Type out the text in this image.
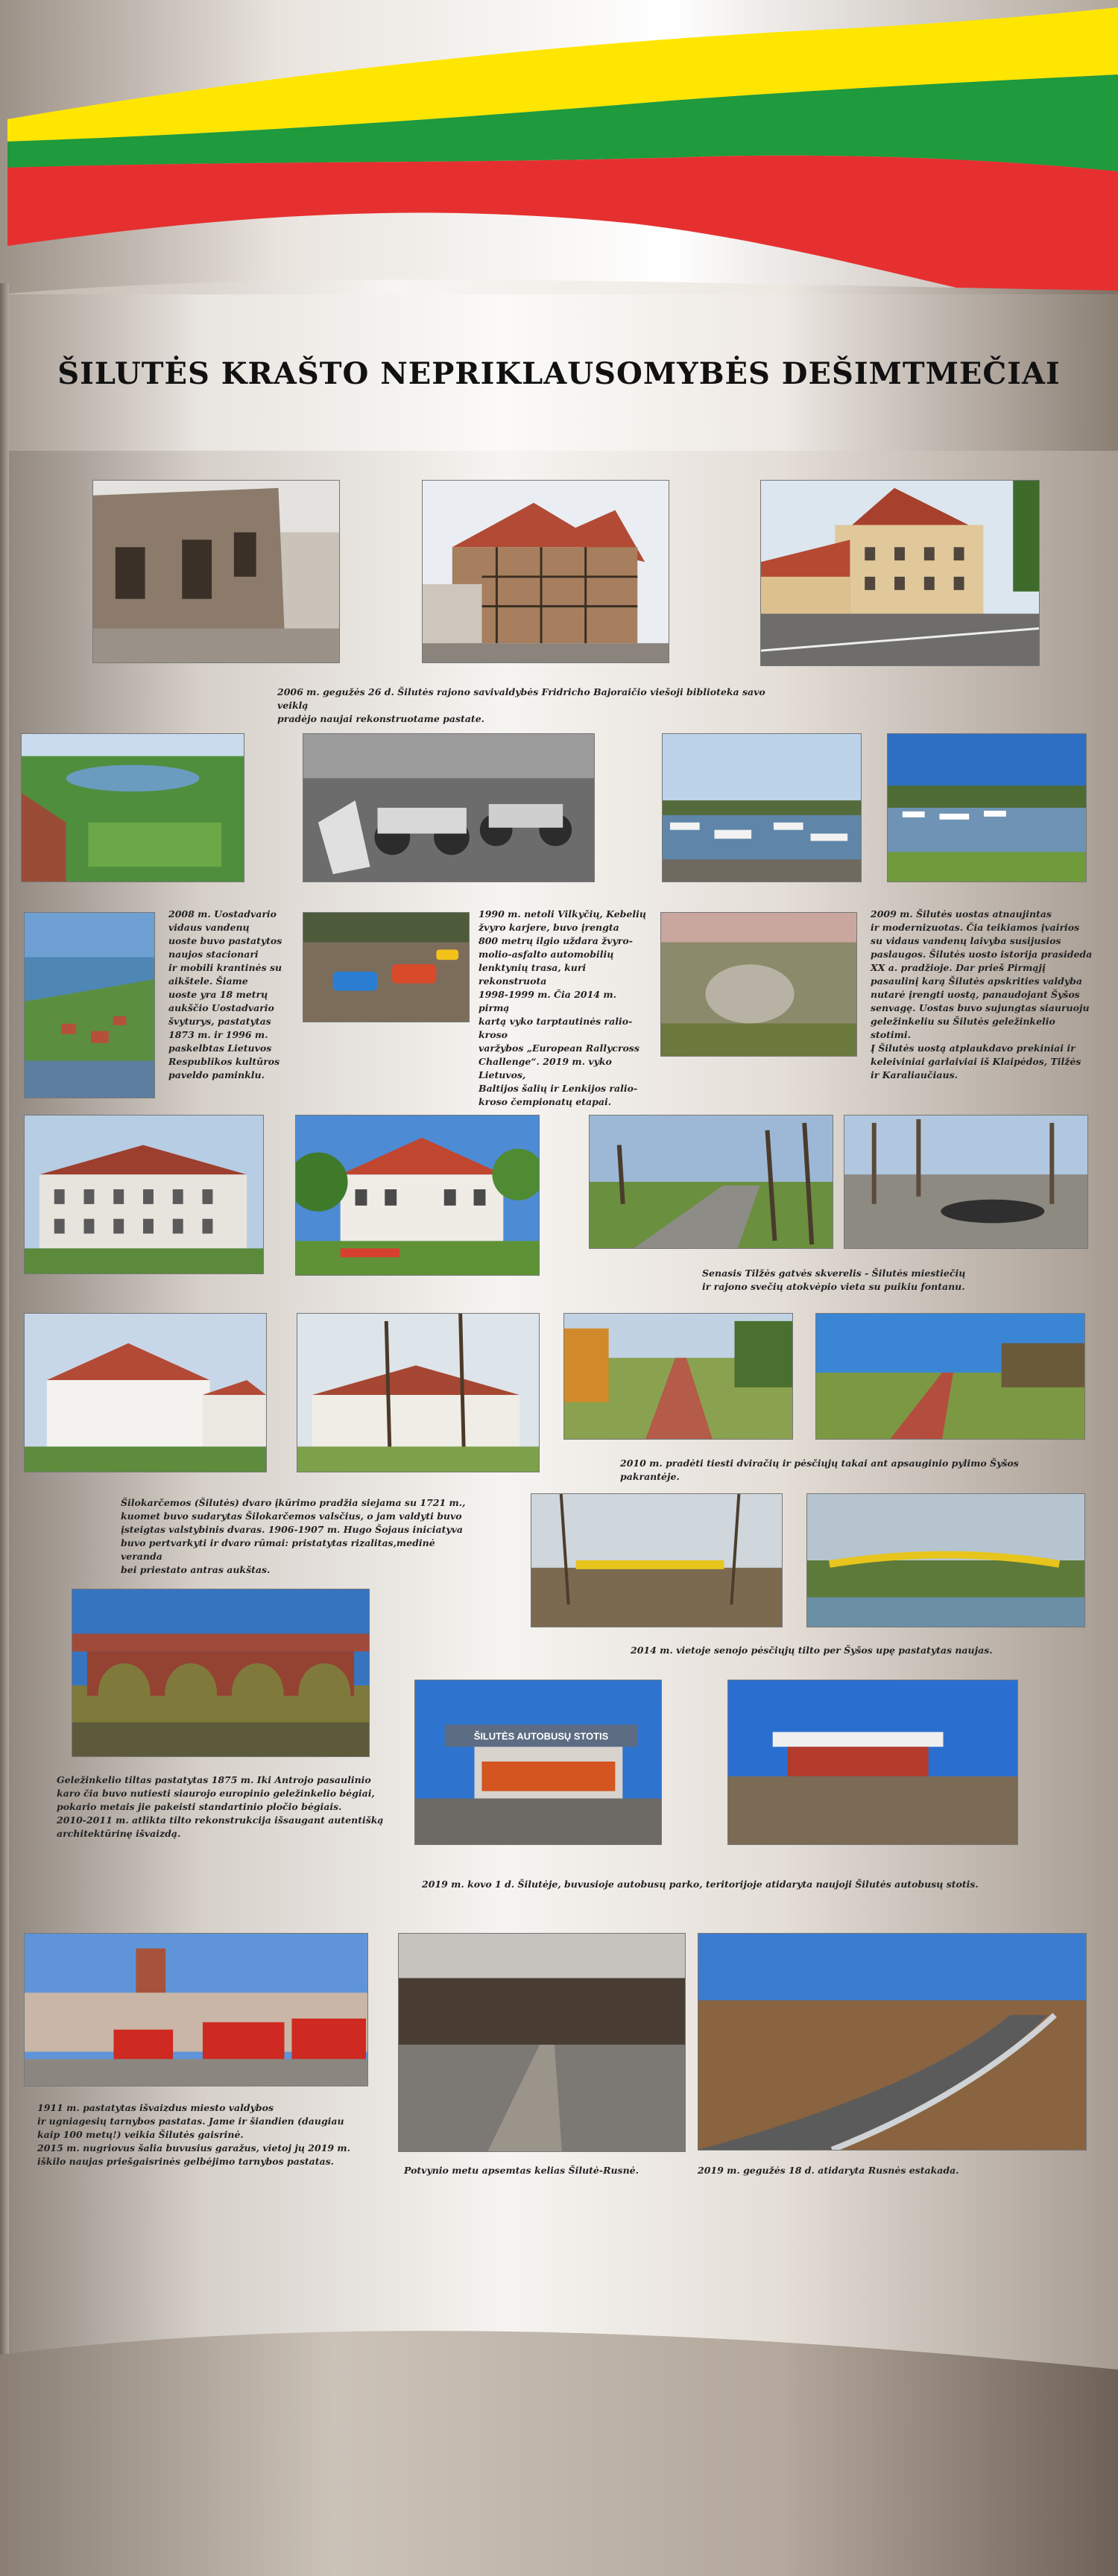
ŠILUTĖS KRAŠTO NEPRIKLAUSOMYBĖS DEŠIMTMEČIAI
2006 m. gegužės 26 d. Šilutės rajono savivaldybės Fridricho Bajoraičio viešoji biblioteka savo veiklą
pradėjo naujai rekonstruotame pastate.
2008 m. Uostadvario
vidaus vandenų
uoste buvo pastatytos
naujos stacionari
ir mobili krantinės su
aikštele. Šiame
uoste yra 18 metrų
aukščio Uostadvario
švyturys, pastatytas
1873 m. ir 1996 m.
paskelbtas Lietuvos
Respublikos kultūros
paveldo paminklu.
1990 m. netoli Vilkyčių, Kebelių
žvyro karjere, buvo įrengta
800 metrų ilgio uždara žvyro-
molio-asfalto automobilių
lenktynių trasa, kuri rekonstruota
1998-1999 m. Čia 2014 m. pirmą
kartą vyko tarptautinės ralio-kroso
varžybos „European Rallycross
Challenge“. 2019 m. vyko Lietuvos,
Baltijos šalių ir Lenkijos ralio-
kroso čempionatų etapai.
2009 m. Šilutės uostas atnaujintas
ir modernizuotas. Čia teikiamos įvairios
su vidaus vandenų laivyba susijusios
paslaugos. Šilutės uosto istorija prasideda
XX a. pradžioje. Dar prieš Pirmąjį
pasaulinį karą Šilutės apskrities valdyba
nutarė įrengti uostą, panaudojant Šyšos
senvagę. Uostas buvo sujungtas siauruoju
geležinkeliu su Šilutės geležinkelio stotimi.
Į Šilutės uostą atplaukdavo prekiniai ir
keleiviniai garlaiviai iš Klaipėdos, Tilžės
ir Karaliaučiaus.
Senasis Tilžės gatvės skverelis - Šilutės miestiečių
ir rajono svečių atokvėpio vieta su puikiu fontanu.
2010 m. pradėti tiesti dviračių ir pėsčiųjų takai ant apsauginio pylimo Šyšos pakrantėje.
Šilokarčemos (Šilutės) dvaro įkūrimo pradžia siejama su 1721 m.,
kuomet buvo sudarytas Šilokarčemos valsčius, o jam valdyti buvo
įsteigtas valstybinis dvaras. 1906-1907 m. Hugo Šojaus iniciatyva
buvo pertvarkyti ir dvaro rūmai: pristatytas rizalitas,medinė veranda
bei priestato antras aukštas.
2014 m. vietoje senojo pėsčiųjų tilto per Šyšos upę pastatytas naujas.
ŠILUTĖS AUTOBUSŲ STOTIS
Geležinkelio tiltas pastatytas 1875 m. Iki Antrojo pasaulinio
karo čia buvo nutiesti siaurojo europinio geležinkelio bėgiai,
pokario metais jie pakeisti standartinio pločio bėgiais.
2010-2011 m. atlikta tilto rekonstrukcija išsaugant autentišką
architektūrinę išvaizdą.
2019 m. kovo 1 d. Šilutėje, buvusioje autobusų parko, teritorijoje atidaryta naujoji Šilutės autobusų stotis.
1911 m. pastatytas išvaizdus miesto valdybos
ir ugniagesių tarnybos pastatas. Jame ir šiandien (daugiau
kaip 100 metų!) veikia Šilutės gaisrinė.
2015 m. nugriovus šalia buvusius garažus, vietoj jų 2019 m.
iškilo naujas priešgaisrinės gelbėjimo tarnybos pastatas.
Potvynio metu apsemtas kelias Šilutė-Rusnė.	2019 m. gegužės 18 d. atidaryta Rusnės estakada.
